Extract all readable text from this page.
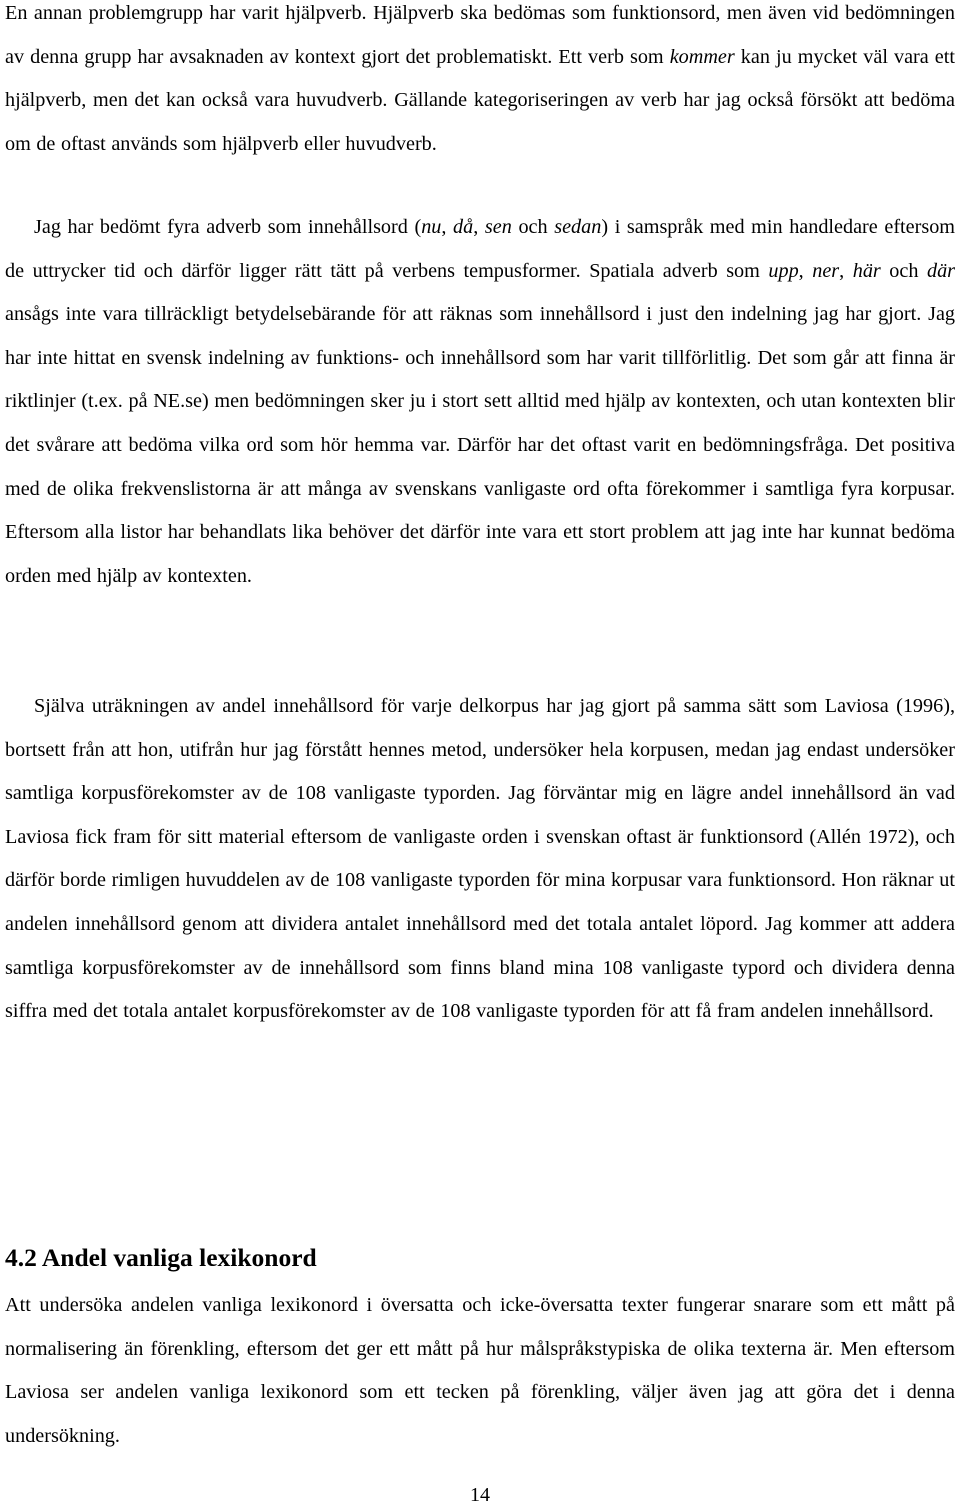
En annan problemgrupp har varit hjälpverb. Hjälpverb ska bedömas som funktionsord, men även vid bedömningen av denna grupp har avsaknaden av kontext gjort det problematiskt. Ett verb som kommer kan ju mycket väl vara ett hjälpverb, men det kan också vara huvudverb. Gällande kategoriseringen av verb har jag också försökt att bedöma om de oftast används som hjälpverb eller huvudverb.

Jag har bedömt fyra adverb som innehållsord (nu, då, sen och sedan) i samspråk med min handledare eftersom de uttrycker tid och därför ligger rätt tätt på verbens tempusformer. Spatiala adverb som upp, ner, här och där ansågs inte vara tillräckligt betydelsebärande för att räknas som innehållsord i just den indelning jag har gjort. Jag har inte hittat en svensk indelning av funktions- och innehållsord som har varit tillförlitlig. Det som går att finna är riktlinjer (t.ex. på NE.se) men bedömningen sker ju i stort sett alltid med hjälp av kontexten, och utan kontexten blir det svårare att bedöma vilka ord som hör hemma var. Därför har det oftast varit en bedömningsfråga. Det positiva med de olika frekvenslistorna är att många av svenskans vanligaste ord ofta förekommer i samtliga fyra korpusar. Eftersom alla listor har behandlats lika behöver det därför inte vara ett stort problem att jag inte har kunnat bedöma orden med hjälp av kontexten.

Själva uträkningen av andel innehållsord för varje delkorpus har jag gjort på samma sätt som Laviosa (1996), bortsett från att hon, utifrån hur jag förstått hennes metod, undersöker hela korpusen, medan jag endast undersöker samtliga korpusförekomster av de 108 vanligaste typorden. Jag förväntar mig en lägre andel innehållsord än vad Laviosa fick fram för sitt material eftersom de vanligaste orden i svenskan oftast är funktionsord (Allén 1972), och därför borde rimligen huvuddelen av de 108 vanligaste typorden för mina korpusar vara funktionsord. Hon räknar ut andelen innehållsord genom att dividera antalet innehållsord med det totala antalet löpord. Jag kommer att addera samtliga korpusförekomster av de innehållsord som finns bland mina 108 vanligaste typord och dividera denna siffra med det totala antalet korpusförekomster av de 108 vanligaste typorden för att få fram andelen innehållsord.

4.2 Andel vanliga lexikonord

Att undersöka andelen vanliga lexikonord i översatta och icke-översatta texter fungerar snarare som ett mått på normalisering än förenkling, eftersom det ger ett mått på hur målspråkstypiska de olika texterna är. Men eftersom Laviosa ser andelen vanliga lexikonord som ett tecken på förenkling, väljer även jag att göra det i denna undersökning.

14
